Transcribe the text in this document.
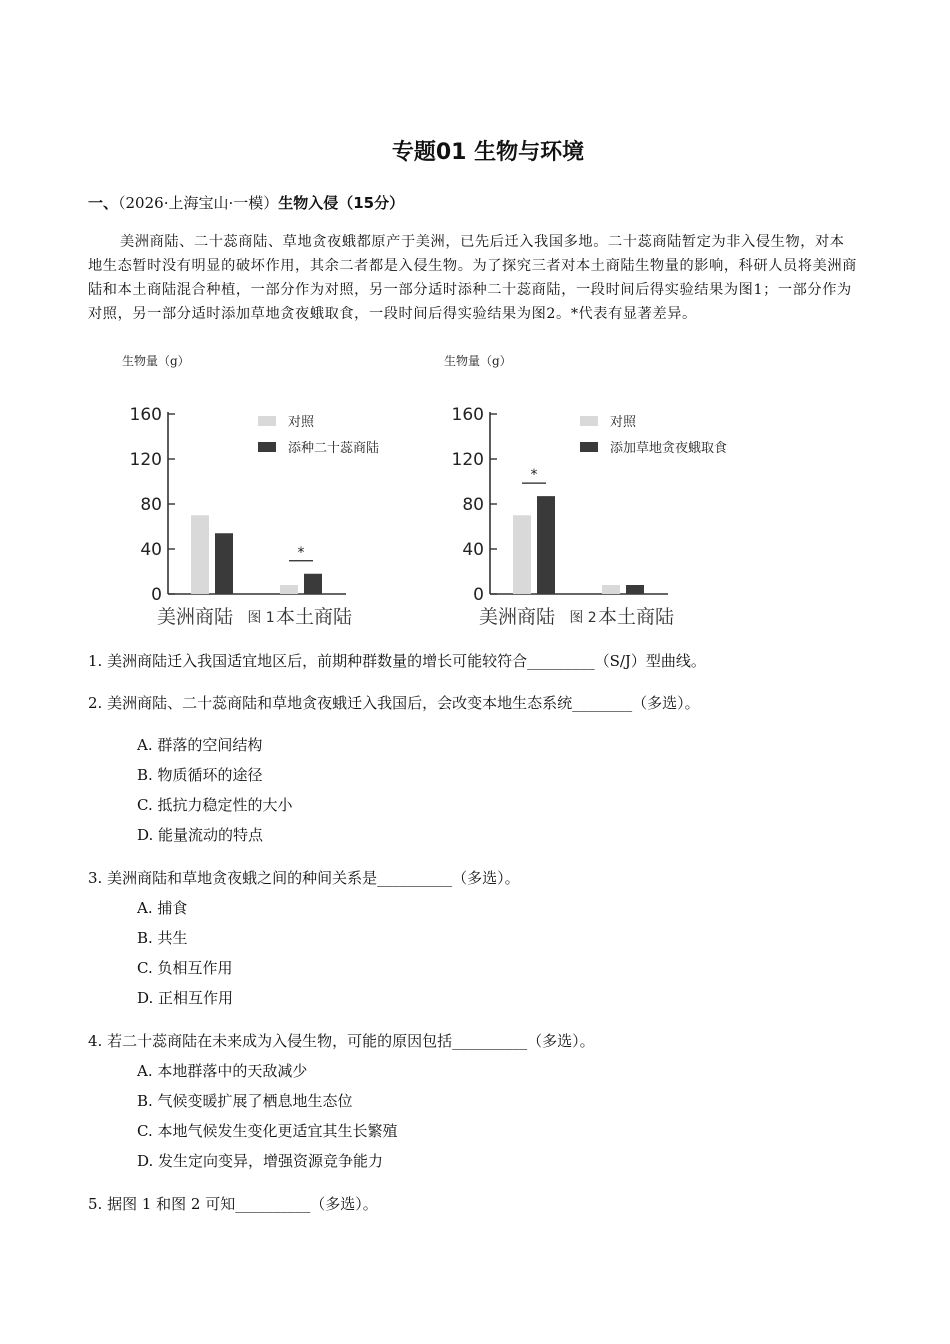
专题01 生物与环境
一、（2026·上海宝山·一模）生物入侵（15分）
美洲商陆、二十蕊商陆、草地贪夜蛾都原产于美洲，已先后迁入我国多地。二十蕊商陆暂定为非入侵生物，对本地生态暂时没有明显的破坏作用，其余二者都是入侵生物。为了探究三者对本土商陆生物量的影响，科研人员将美洲商陆和本土商陆混合种植，一部分作为对照，另一部分适时添种二十蕊商陆，一段时间后得实验结果为图1；一部分作为对照，另一部分适时添加草地贪夜蛾取食，一段时间后得实验结果为图2。*代表有显著差异。
生物量（g）
0
40
80
120
160
美洲商陆 本土商陆
图 1
*
对照
添种二十蕊商陆
生物量（g）
0
40
80
120
160
美洲商陆 本土商陆
图 2
*
对照
添加草地贪夜蛾取食
1. 美洲商陆迁入我国适宜地区后，前期种群数量的增长可能较符合_________（S/J）型曲线。
2. 美洲商陆、二十蕊商陆和草地贪夜蛾迁入我国后，会改变本地生态系统________（多选）。
A. 群落的空间结构
B. 物质循环的途径
C. 抵抗力稳定性的大小
D. 能量流动的特点
3. 美洲商陆和草地贪夜蛾之间的种间关系是__________（多选）。
A. 捕食
B. 共生
C. 负相互作用
D. 正相互作用
4. 若二十蕊商陆在未来成为入侵生物，可能的原因包括__________（多选）。
A. 本地群落中的天敌减少
B. 气候变暖扩展了栖息地生态位
C. 本地气候发生变化更适宜其生长繁殖
D. 发生定向变异，增强资源竞争能力
5. 据图 1 和图 2 可知__________（多选）。
